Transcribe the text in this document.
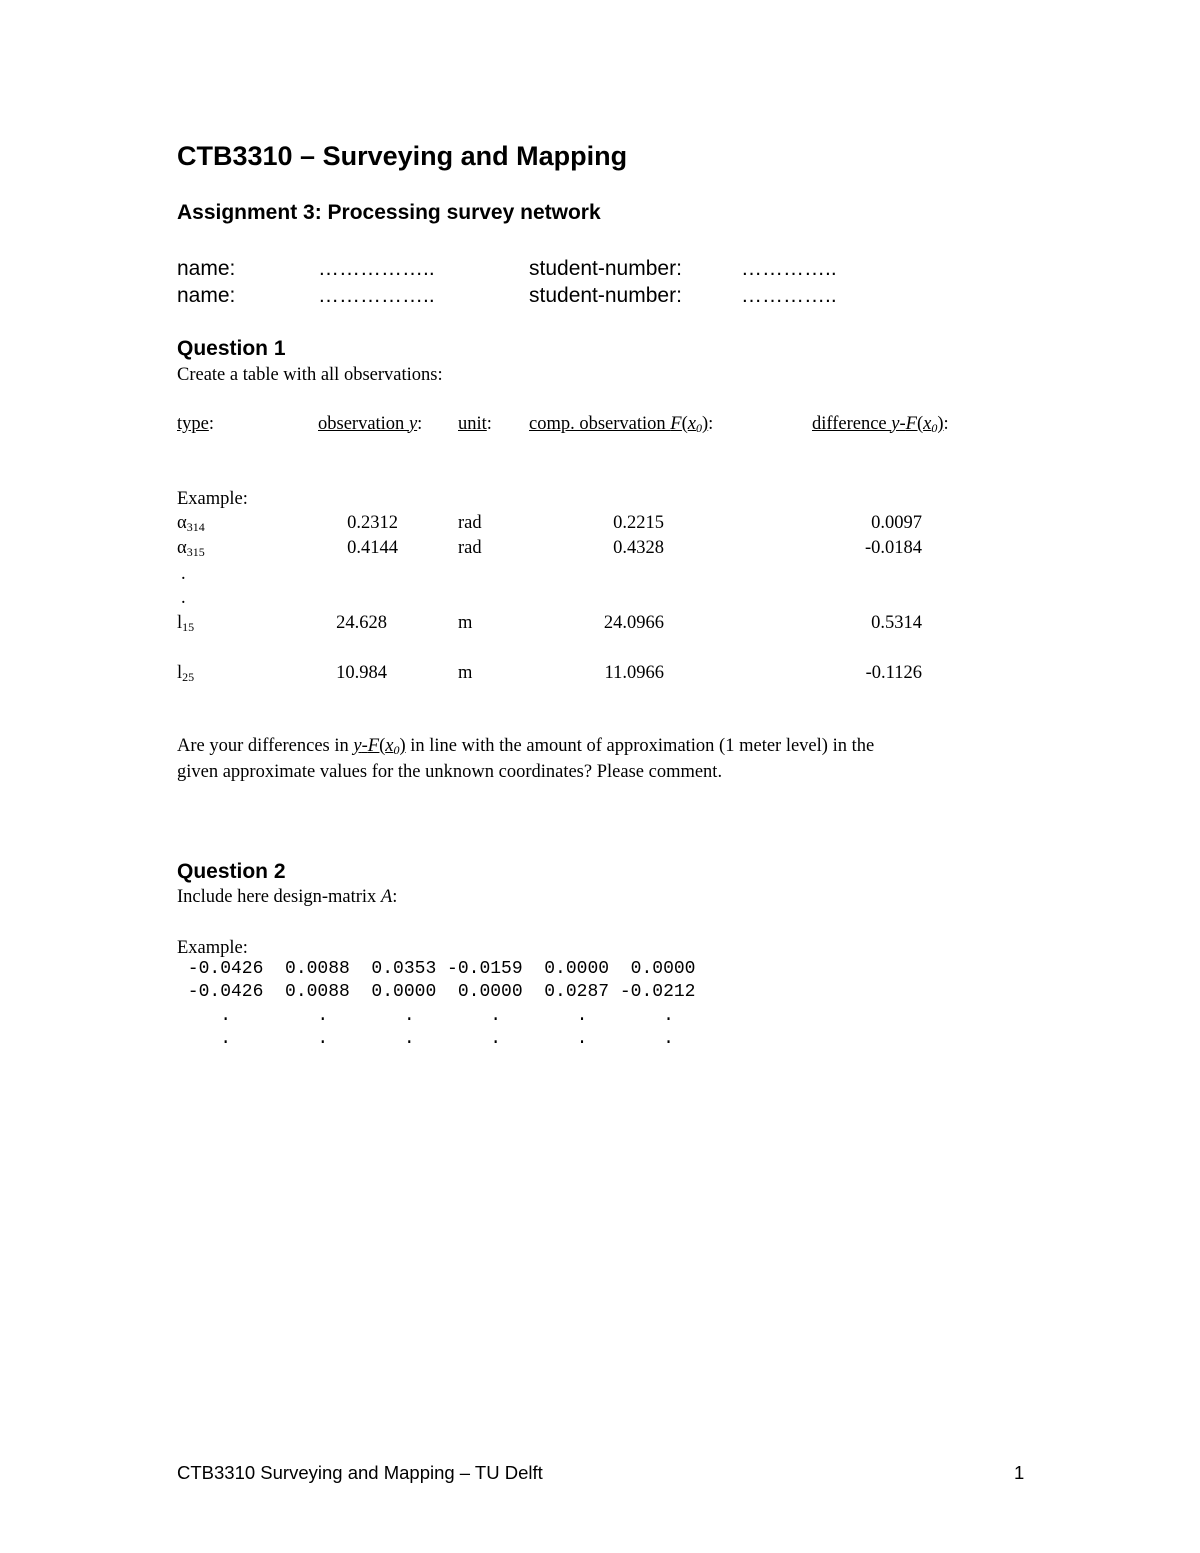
CTB3310 – Surveying and Mapping
Assignment 3: Processing survey network
name:	……………..	student-number:	…………..
name:	……………..	student-number:	…………..
Question 1
Create a table with all observations:
type:	observation y: unit: comp. observation $F(x_0)$:	difference $y-F(x_0)$:
Example:
$\alpha_{314}$	0.2312	rad	0.2215	0.0097
$\alpha_{315}$	0.4144	rad	0.4328	-0.0184
.
.
$l_{15}$	24.628	m	24.0966	0.5314
$l_{25}$	10.984	m	11.0966	-0.1126
Are your differences in $y-F(x_0)$ in line with the amount of approximation (1 meter level) in the
given approximate values for the unknown coordinates? Please comment.
Question 2
Include here design-matrix A:
Example:
-0.0426  0.0088  0.0353 -0.0159  0.0000  0.0000
-0.0426  0.0088  0.0000  0.0000  0.0287 -0.0212
.        .       .       .       .       .
.        .       .       .       .       .
CTB3310 Surveying and Mapping – TU Delft	1
